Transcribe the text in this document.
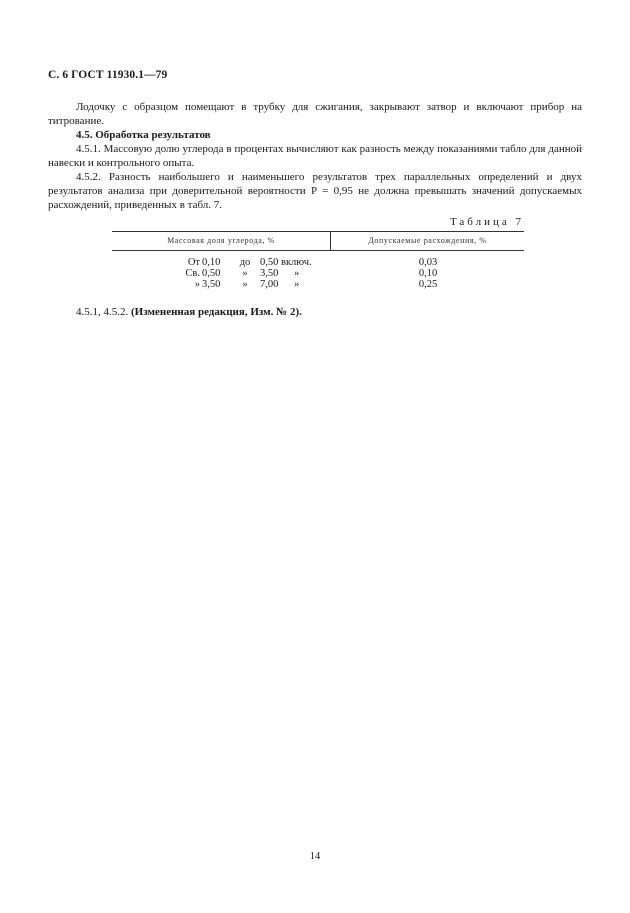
С. 6 ГОСТ 11930.1—79

Лодочку с образцом помещают в трубку для сжигания, закрывают затвор и включают прибор на титрование.

4.5. Обработка результатов

4.5.1. Массовую долю углерода в процентах вычисляют как разность между показаниями табло для данной навески и контрольного опыта.

4.5.2. Разность наибольшего и наименьшего результатов трех параллельных определений и двух результатов анализа при доверительной вероятности P = 0,95 не должна превышать значений допускаемых расхождений, приведенных в табл. 7.

Таблица 7
Массовая доля углерода, %	Допускаемые расхождения, %
От 0,10	до 0,50 включ.	0,03
Св. 0,50	»	3,50      »	0,10
» 3,50	»	7,00      »	0,25
4.5.1, 4.5.2. (Измененная редакция, Изм. № 2).
14
